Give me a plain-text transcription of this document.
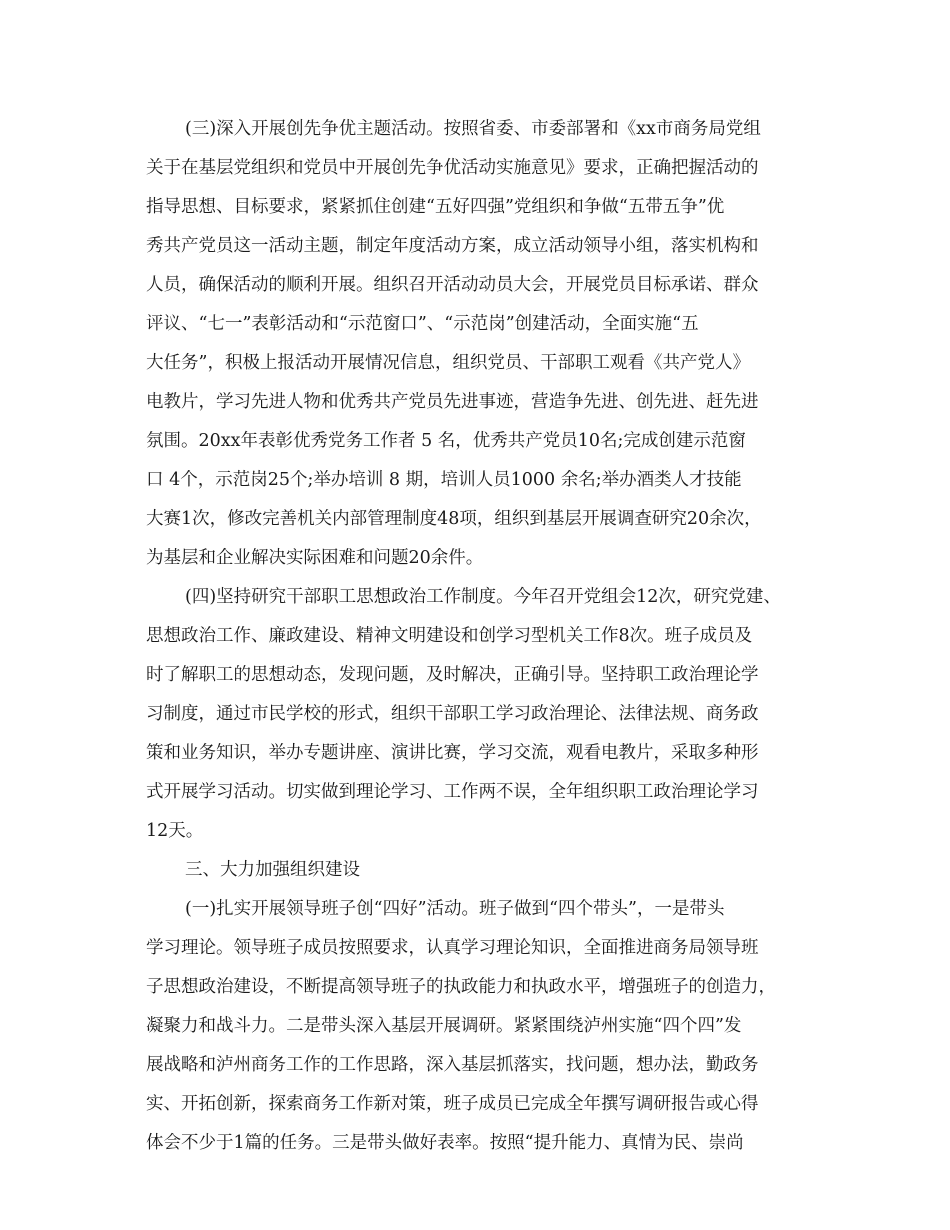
(三)深入开展创先争优主题活动。按照省委、市委部署和《xx市商务局党组
关于在基层党组织和党员中开展创先争优活动实施意见》要求，正确把握活动的
指导思想、目标要求，紧紧抓住创建“五好四强”党组织和争做“五带五争”优
秀共产党员这一活动主题，制定年度活动方案，成立活动领导小组，落实机构和
人员，确保活动的顺利开展。组织召开活动动员大会，开展党员目标承诺、群众
评议、“七一”表彰活动和“示范窗口”、“示范岗”创建活动，全面实施“五
大任务”，积极上报活动开展情况信息，组织党员、干部职工观看《共产党人》
电教片，学习先进人物和优秀共产党员先进事迹，营造争先进、创先进、赶先进
氛围。20xx年表彰优秀党务工作者 5 名，优秀共产党员10名;完成创建示范窗
口 4个，示范岗25个;举办培训 8 期，培训人员1000 余名;举办酒类人才技能
大赛1次，修改完善机关内部管理制度48项，组织到基层开展调查研究20余次，
为基层和企业解决实际困难和问题20余件。

(四)坚持研究干部职工思想政治工作制度。今年召开党组会12次，研究党建、
思想政治工作、廉政建设、精神文明建设和创学习型机关工作8次。班子成员及
时了解职工的思想动态，发现问题，及时解决，正确引导。坚持职工政治理论学
习制度，通过市民学校的形式，组织干部职工学习政治理论、法律法规、商务政
策和业务知识，举办专题讲座、演讲比赛，学习交流，观看电教片，采取多种形
式开展学习活动。切实做到理论学习、工作两不误，全年组织职工政治理论学习
12天。

三、大力加强组织建设

(一)扎实开展领导班子创“四好”活动。班子做到“四个带头”，一是带头
学习理论。领导班子成员按照要求，认真学习理论知识，全面推进商务局领导班
子思想政治建设，不断提高领导班子的执政能力和执政水平，增强班子的创造力，
凝聚力和战斗力。二是带头深入基层开展调研。紧紧围绕泸州实施“四个四”发
展战略和泸州商务工作的工作思路，深入基层抓落实，找问题，想办法，勤政务
实、开拓创新，探索商务工作新对策，班子成员已完成全年撰写调研报告或心得
体会不少于1篇的任务。三是带头做好表率。按照“提升能力、真情为民、崇尚
